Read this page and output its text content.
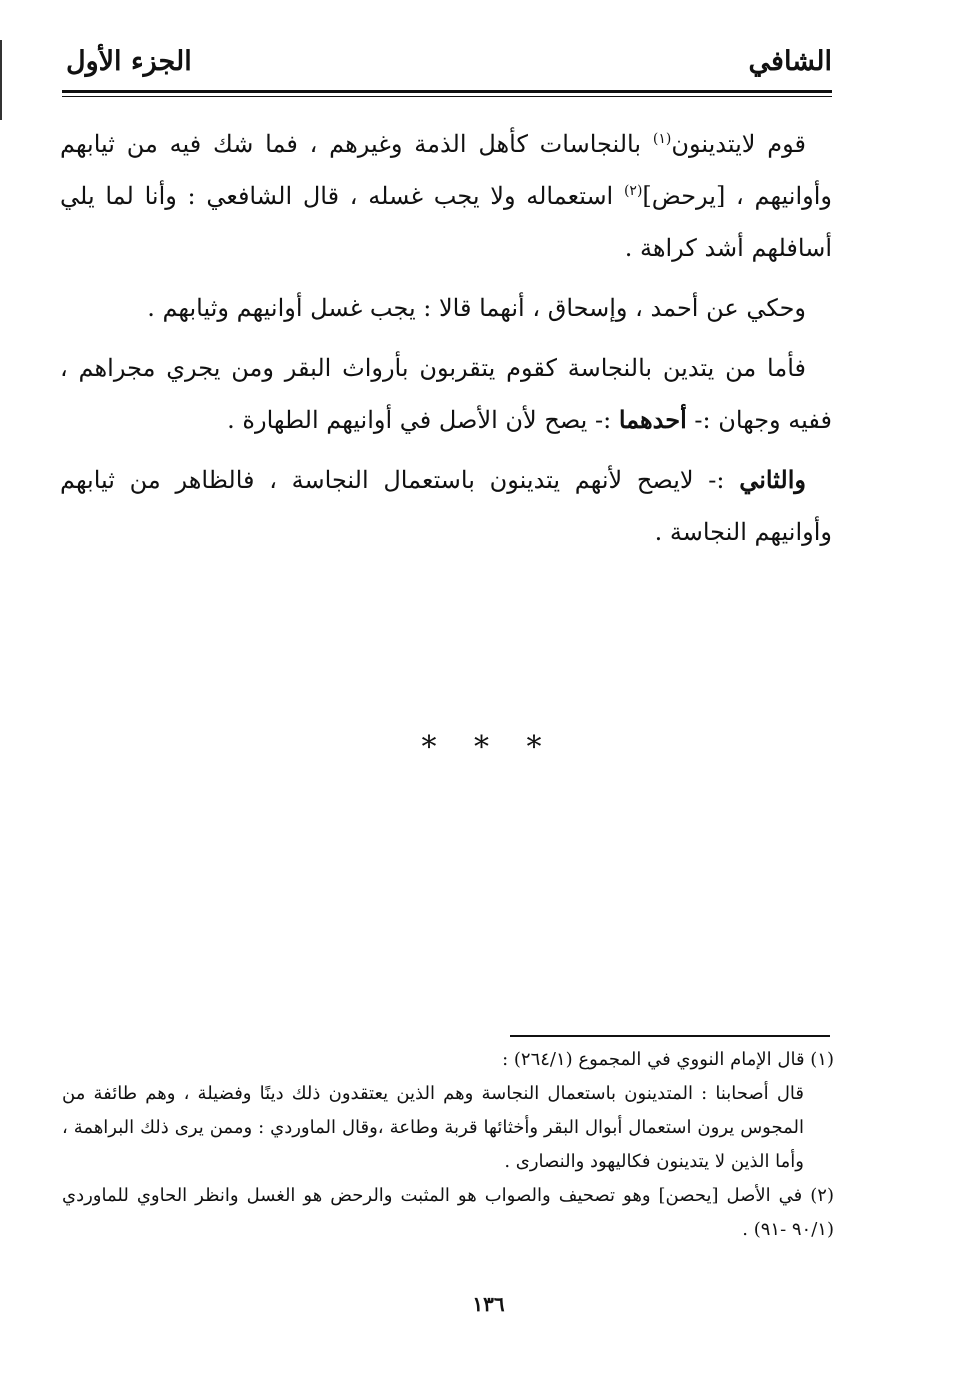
الشافي
الجزء الأول

قوم لايتدينون$^{(١)}$ بالنجاسات كأهل الذمة وغيرهم ، فما شك فيه من ثيابهم وأوانيهم ، [يرحض]$^{(٢)}$ استعماله ولا يجب غسله ، قال الشافعي : وأنا لما يلي أسافلهم أشد كراهة .

وحكي عن أحمد ، وإسحاق ، أنهما قالا : يجب غسل أوانيهم وثيابهم .

فأما من يتدين بالنجاسة كقوم يتقربون بأرواث البقر ومن يجري مجراهم ، ففيه وجهان :- أحدهما :- يصح لأن الأصل في أوانيهم الطهارة .

والثاني :- لايصح لأنهم يتدينون باستعمال النجاسة ، فالظاهر من ثيابهم وأوانيهم النجاسة .

* * *

(١) قال الإمام النووي في المجموع (٢٦٤/١) :

قال أصحابنا : المتدينون باستعمال النجاسة وهم الذين يعتقدون ذلك دينًا وفضيلة ، وهم طائفة من المجوس يرون استعمال أبوال البقر وأخثائها قربة وطاعة ،وقال الماوردي : وممن يرى ذلك البراهمة ، وأما الذين لا يتدينون فكاليهود والنصارى .

(٢) في الأصل [يحصن] وهو تصحيف والصواب هو المثبت والرحض هو الغسل وانظر الحاوي للماوردي (٩٠/١ -٩١) .

١٣٦
